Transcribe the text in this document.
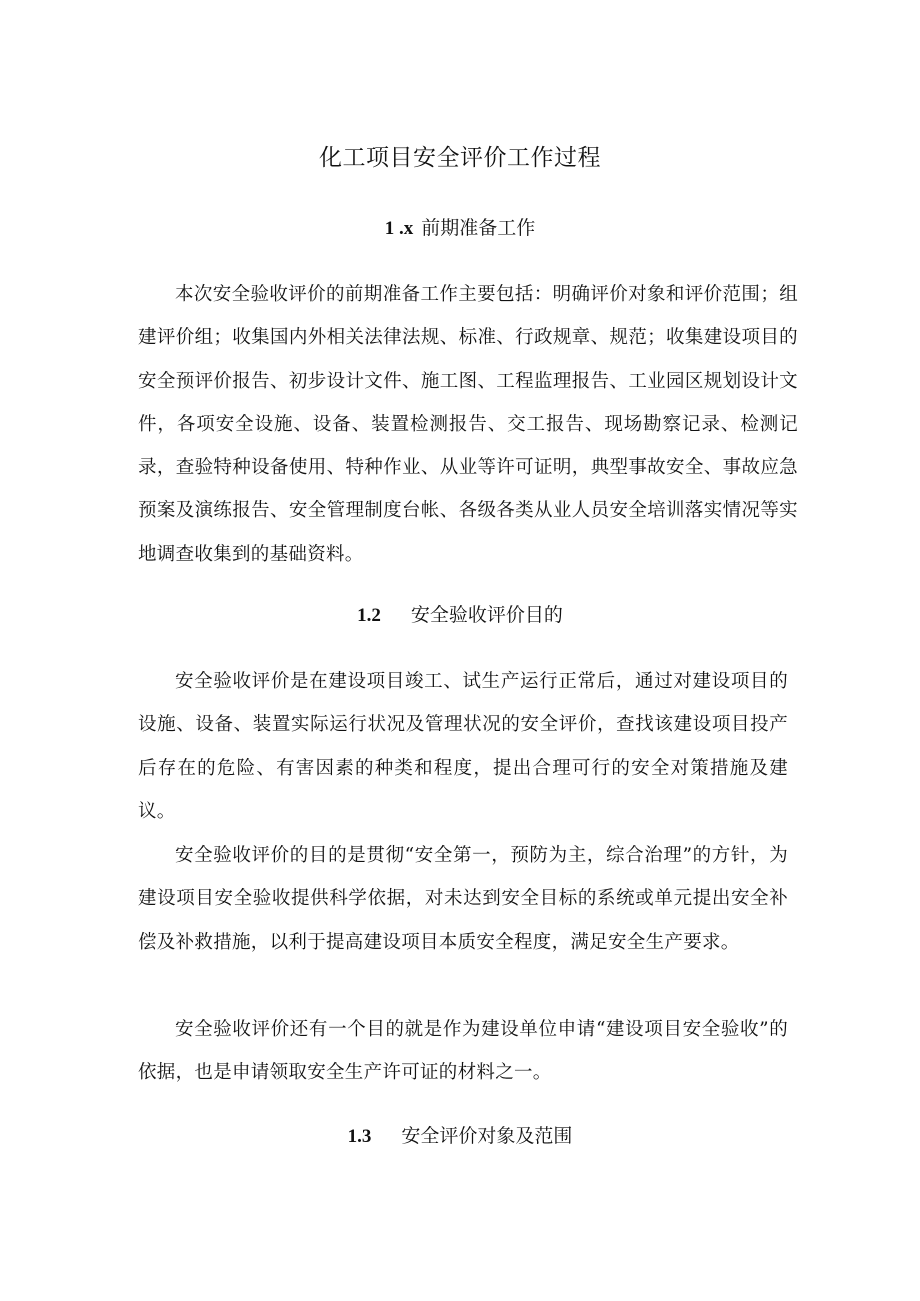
化工项目安全评价工作过程
1 .x 前期准备工作

本次安全验收评价的前期准备工作主要包括：明确评价对象和评价范围；组建评价组；收集国内外相关法律法规、标准、行政规章、规范；收集建设项目的安全预评价报告、初步设计文件、施工图、工程监理报告、工业园区规划设计文件，各项安全设施、设备、装置检测报告、交工报告、现场勘察记录、检测记录，查验特种设备使用、特种作业、从业等许可证明，典型事故安全、事故应急预案及演练报告、安全管理制度台帐、各级各类从业人员安全培训落实情况等实地调查收集到的基础资料。

1.2 安全验收评价目的

安全验收评价是在建设项目竣工、试生产运行正常后，通过对建设项目的设施、设备、装置实际运行状况及管理状况的安全评价，查找该建设项目投产后存在的危险、有害因素的种类和程度，提出合理可行的安全对策措施及建议。

安全验收评价的目的是贯彻“安全第一，预防为主，综合治理”的方针，为建设项目安全验收提供科学依据，对未达到安全目标的系统或单元提出安全补偿及补救措施，以利于提高建设项目本质安全程度，满足安全生产要求。

安全验收评价还有一个目的就是作为建设单位申请“建设项目安全验收”的依据，也是申请领取安全生产许可证的材料之一。

1.3 安全评价对象及范围
